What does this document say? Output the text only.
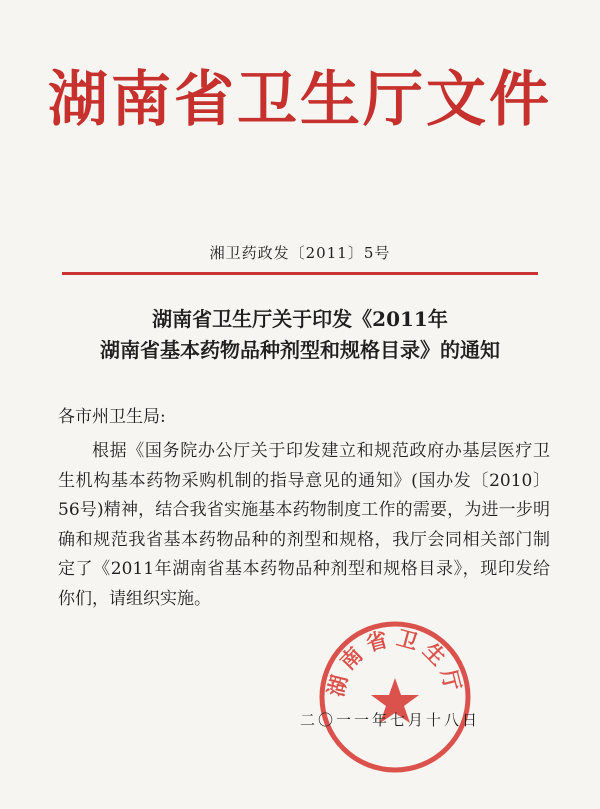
湖南省卫生厅文件
湘卫药政发〔2011〕5号
湖南省卫生厅关于印发《2011年
湖南省基本药物品种剂型和规格目录》的通知
各市州卫生局:

根据《国务院办公厅关于印发建立和规范政府办基层医疗卫生机构基本药物采购机制的指导意见的通知》(国办发〔2010〕56号)精神，结合我省实施基本药物制度工作的需要，为进一步明确和规范我省基本药物品种的剂型和规格，我厅会同相关部门制定了《2011年湖南省基本药物品种剂型和规格目录》，现印发给你们，请组织实施。

湖南省卫生厅
二〇一一年七月十八日
